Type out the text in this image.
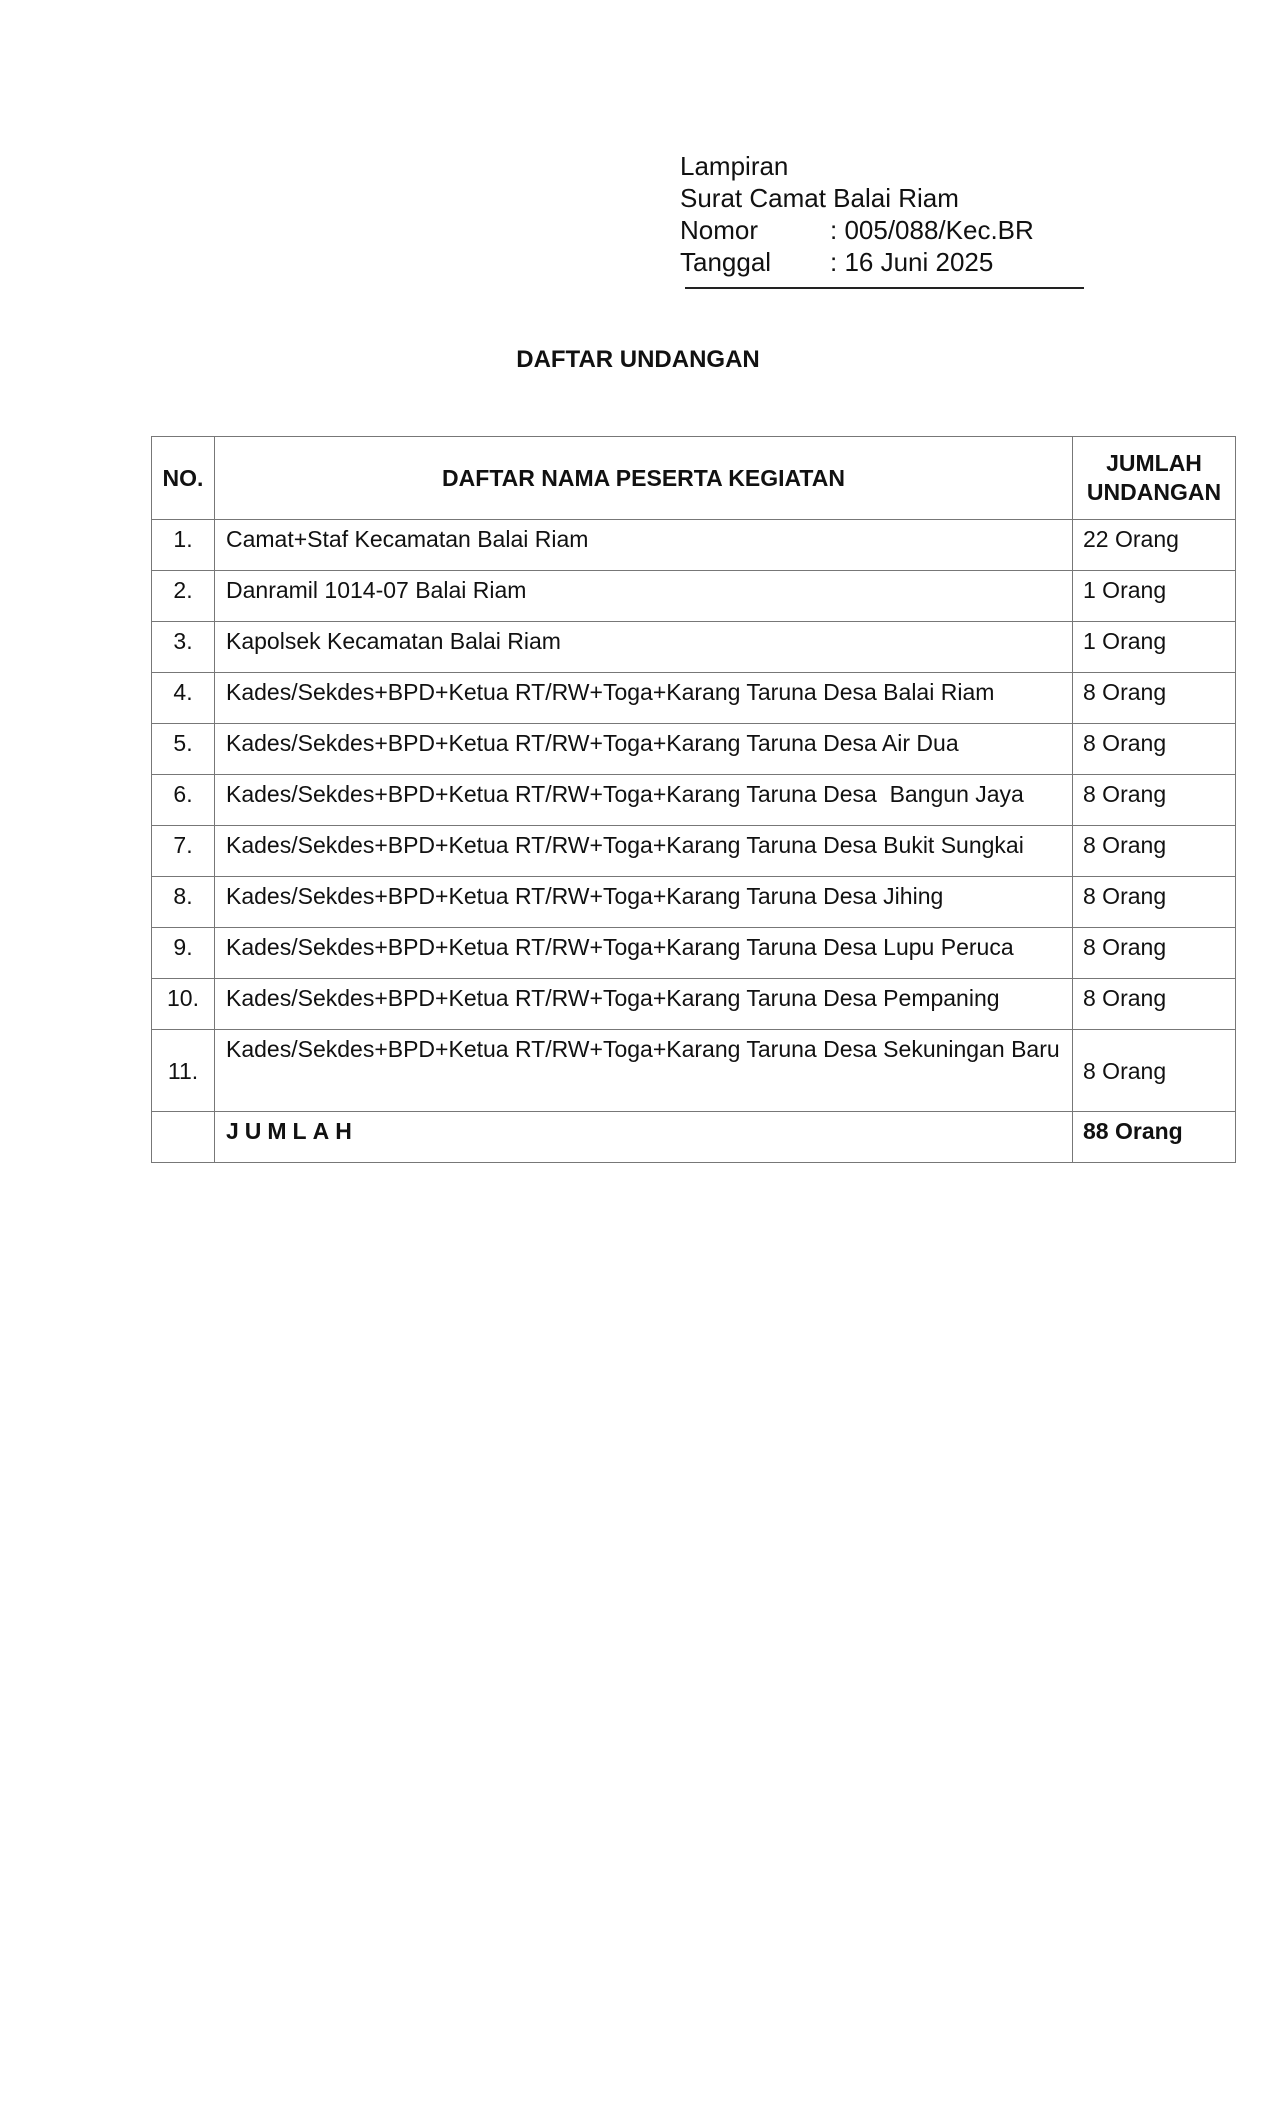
Lampiran
Surat Camat Balai Riam
Nomor	: 005/088/Kec.BR
Tanggal	: 16 Juni 2025
DAFTAR UNDANGAN
NO.	DAFTAR NAMA PESERTA KEGIATAN	JUMLAH UNDANGAN
1.	Camat+Staf Kecamatan Balai Riam	22 Orang
2.	Danramil 1014-07 Balai Riam	1 Orang
3.	Kapolsek Kecamatan Balai Riam	1 Orang
4.	Kades/Sekdes+BPD+Ketua RT/RW+Toga+Karang Taruna Desa Balai Riam	8 Orang
5.	Kades/Sekdes+BPD+Ketua RT/RW+Toga+Karang Taruna Desa Air Dua	8 Orang
6.	Kades/Sekdes+BPD+Ketua RT/RW+Toga+Karang Taruna Desa  Bangun Jaya	8 Orang
7.	Kades/Sekdes+BPD+Ketua RT/RW+Toga+Karang Taruna Desa Bukit Sungkai	8 Orang
8.	Kades/Sekdes+BPD+Ketua RT/RW+Toga+Karang Taruna Desa Jihing	8 Orang
9.	Kades/Sekdes+BPD+Ketua RT/RW+Toga+Karang Taruna Desa Lupu Peruca	8 Orang
10.	Kades/Sekdes+BPD+Ketua RT/RW+Toga+Karang Taruna Desa Pempaning	8 Orang
11.	Kades/Sekdes+BPD+Ketua RT/RW+Toga+Karang Taruna Desa Sekuningan Baru	8 Orang
	JUMLAH	88 Orang
